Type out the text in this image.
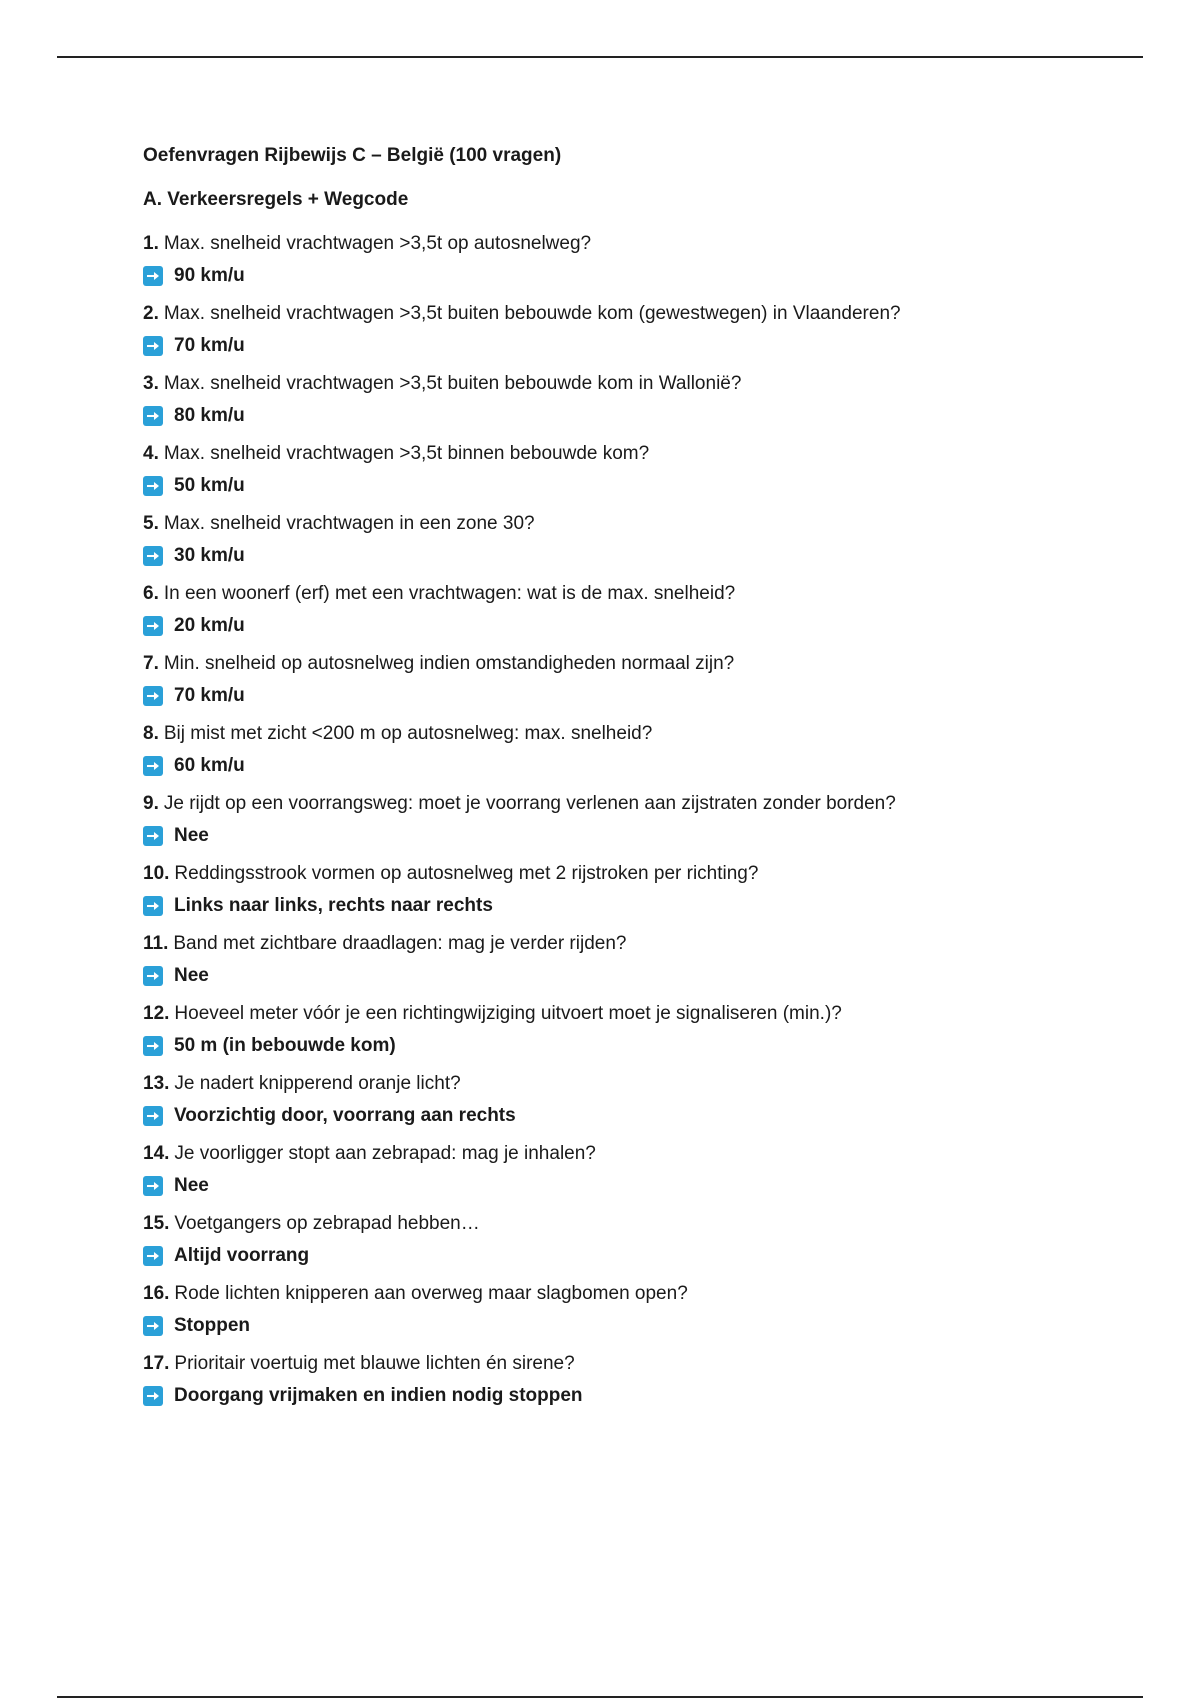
Oefenvragen Rijbewijs C – België (100 vragen)
A. Verkeersregels + Wegcode
1. Max. snelheid vrachtwagen >3,5t op autosnelweg?
90 km/u
2. Max. snelheid vrachtwagen >3,5t buiten bebouwde kom (gewestwegen) in Vlaanderen?
70 km/u
3. Max. snelheid vrachtwagen >3,5t buiten bebouwde kom in Wallonië?
80 km/u
4. Max. snelheid vrachtwagen >3,5t binnen bebouwde kom?
50 km/u
5. Max. snelheid vrachtwagen in een zone 30?
30 km/u
6. In een woonerf (erf) met een vrachtwagen: wat is de max. snelheid?
20 km/u
7. Min. snelheid op autosnelweg indien omstandigheden normaal zijn?
70 km/u
8. Bij mist met zicht <200 m op autosnelweg: max. snelheid?
60 km/u
9. Je rijdt op een voorrangsweg: moet je voorrang verlenen aan zijstraten zonder borden?
Nee
10. Reddingsstrook vormen op autosnelweg met 2 rijstroken per richting?
Links naar links, rechts naar rechts
11. Band met zichtbare draadlagen: mag je verder rijden?
Nee
12. Hoeveel meter vóór je een richtingwijziging uitvoert moet je signaliseren (min.)?
50 m (in bebouwde kom)
13. Je nadert knipperend oranje licht?
Voorzichtig door, voorrang aan rechts
14. Je voorligger stopt aan zebrapad: mag je inhalen?
Nee
15. Voetgangers op zebrapad hebben…
Altijd voorrang
16. Rode lichten knipperen aan overweg maar slagbomen open?
Stoppen
17. Prioritair voertuig met blauwe lichten én sirene?
Doorgang vrijmaken en indien nodig stoppen
